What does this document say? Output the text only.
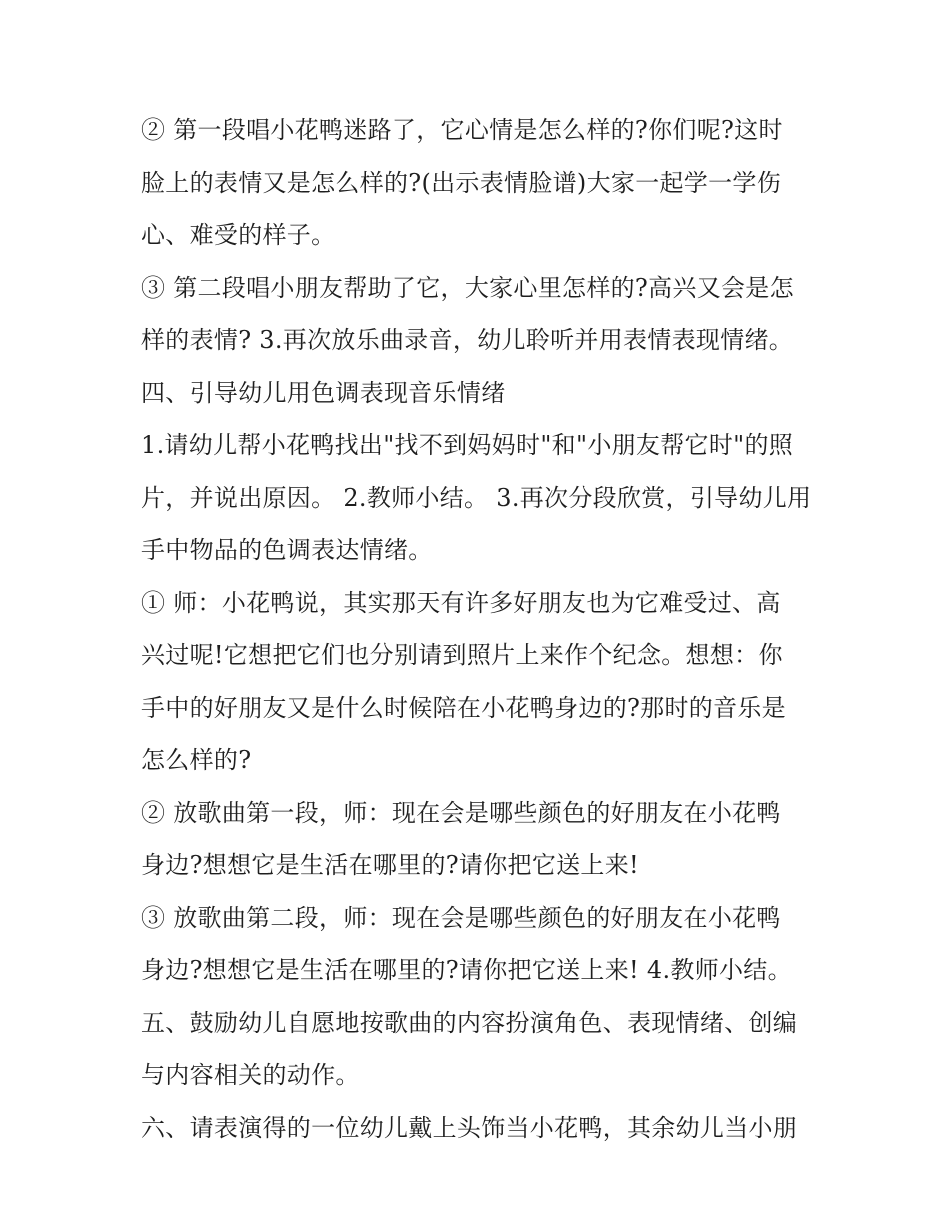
② 第一段唱小花鸭迷路了，它心情是怎么样的?你们呢?这时
脸上的表情又是怎么样的?(出示表情脸谱)大家一起学一学伤
心、难受的样子。
③ 第二段唱小朋友帮助了它，大家心里怎样的?高兴又会是怎
样的表情? 3.再次放乐曲录音，幼儿聆听并用表情表现情绪。
四、引导幼儿用色调表现音乐情绪
1.请幼儿帮小花鸭找出"找不到妈妈时"和"小朋友帮它时"的照
片，并说出原因。 2.教师小结。 3.再次分段欣赏，引导幼儿用
手中物品的色调表达情绪。
① 师：小花鸭说，其实那天有许多好朋友也为它难受过、高
兴过呢!它想把它们也分别请到照片上来作个纪念。想想：你
手中的好朋友又是什么时候陪在小花鸭身边的?那时的音乐是
怎么样的?
② 放歌曲第一段，师：现在会是哪些颜色的好朋友在小花鸭
身边?想想它是生活在哪里的?请你把它送上来!
③ 放歌曲第二段，师：现在会是哪些颜色的好朋友在小花鸭
身边?想想它是生活在哪里的?请你把它送上来! 4.教师小结。
五、鼓励幼儿自愿地按歌曲的内容扮演角色、表现情绪、创编
与内容相关的动作。
六、请表演得的一位幼儿戴上头饰当小花鸭，其余幼儿当小朋
